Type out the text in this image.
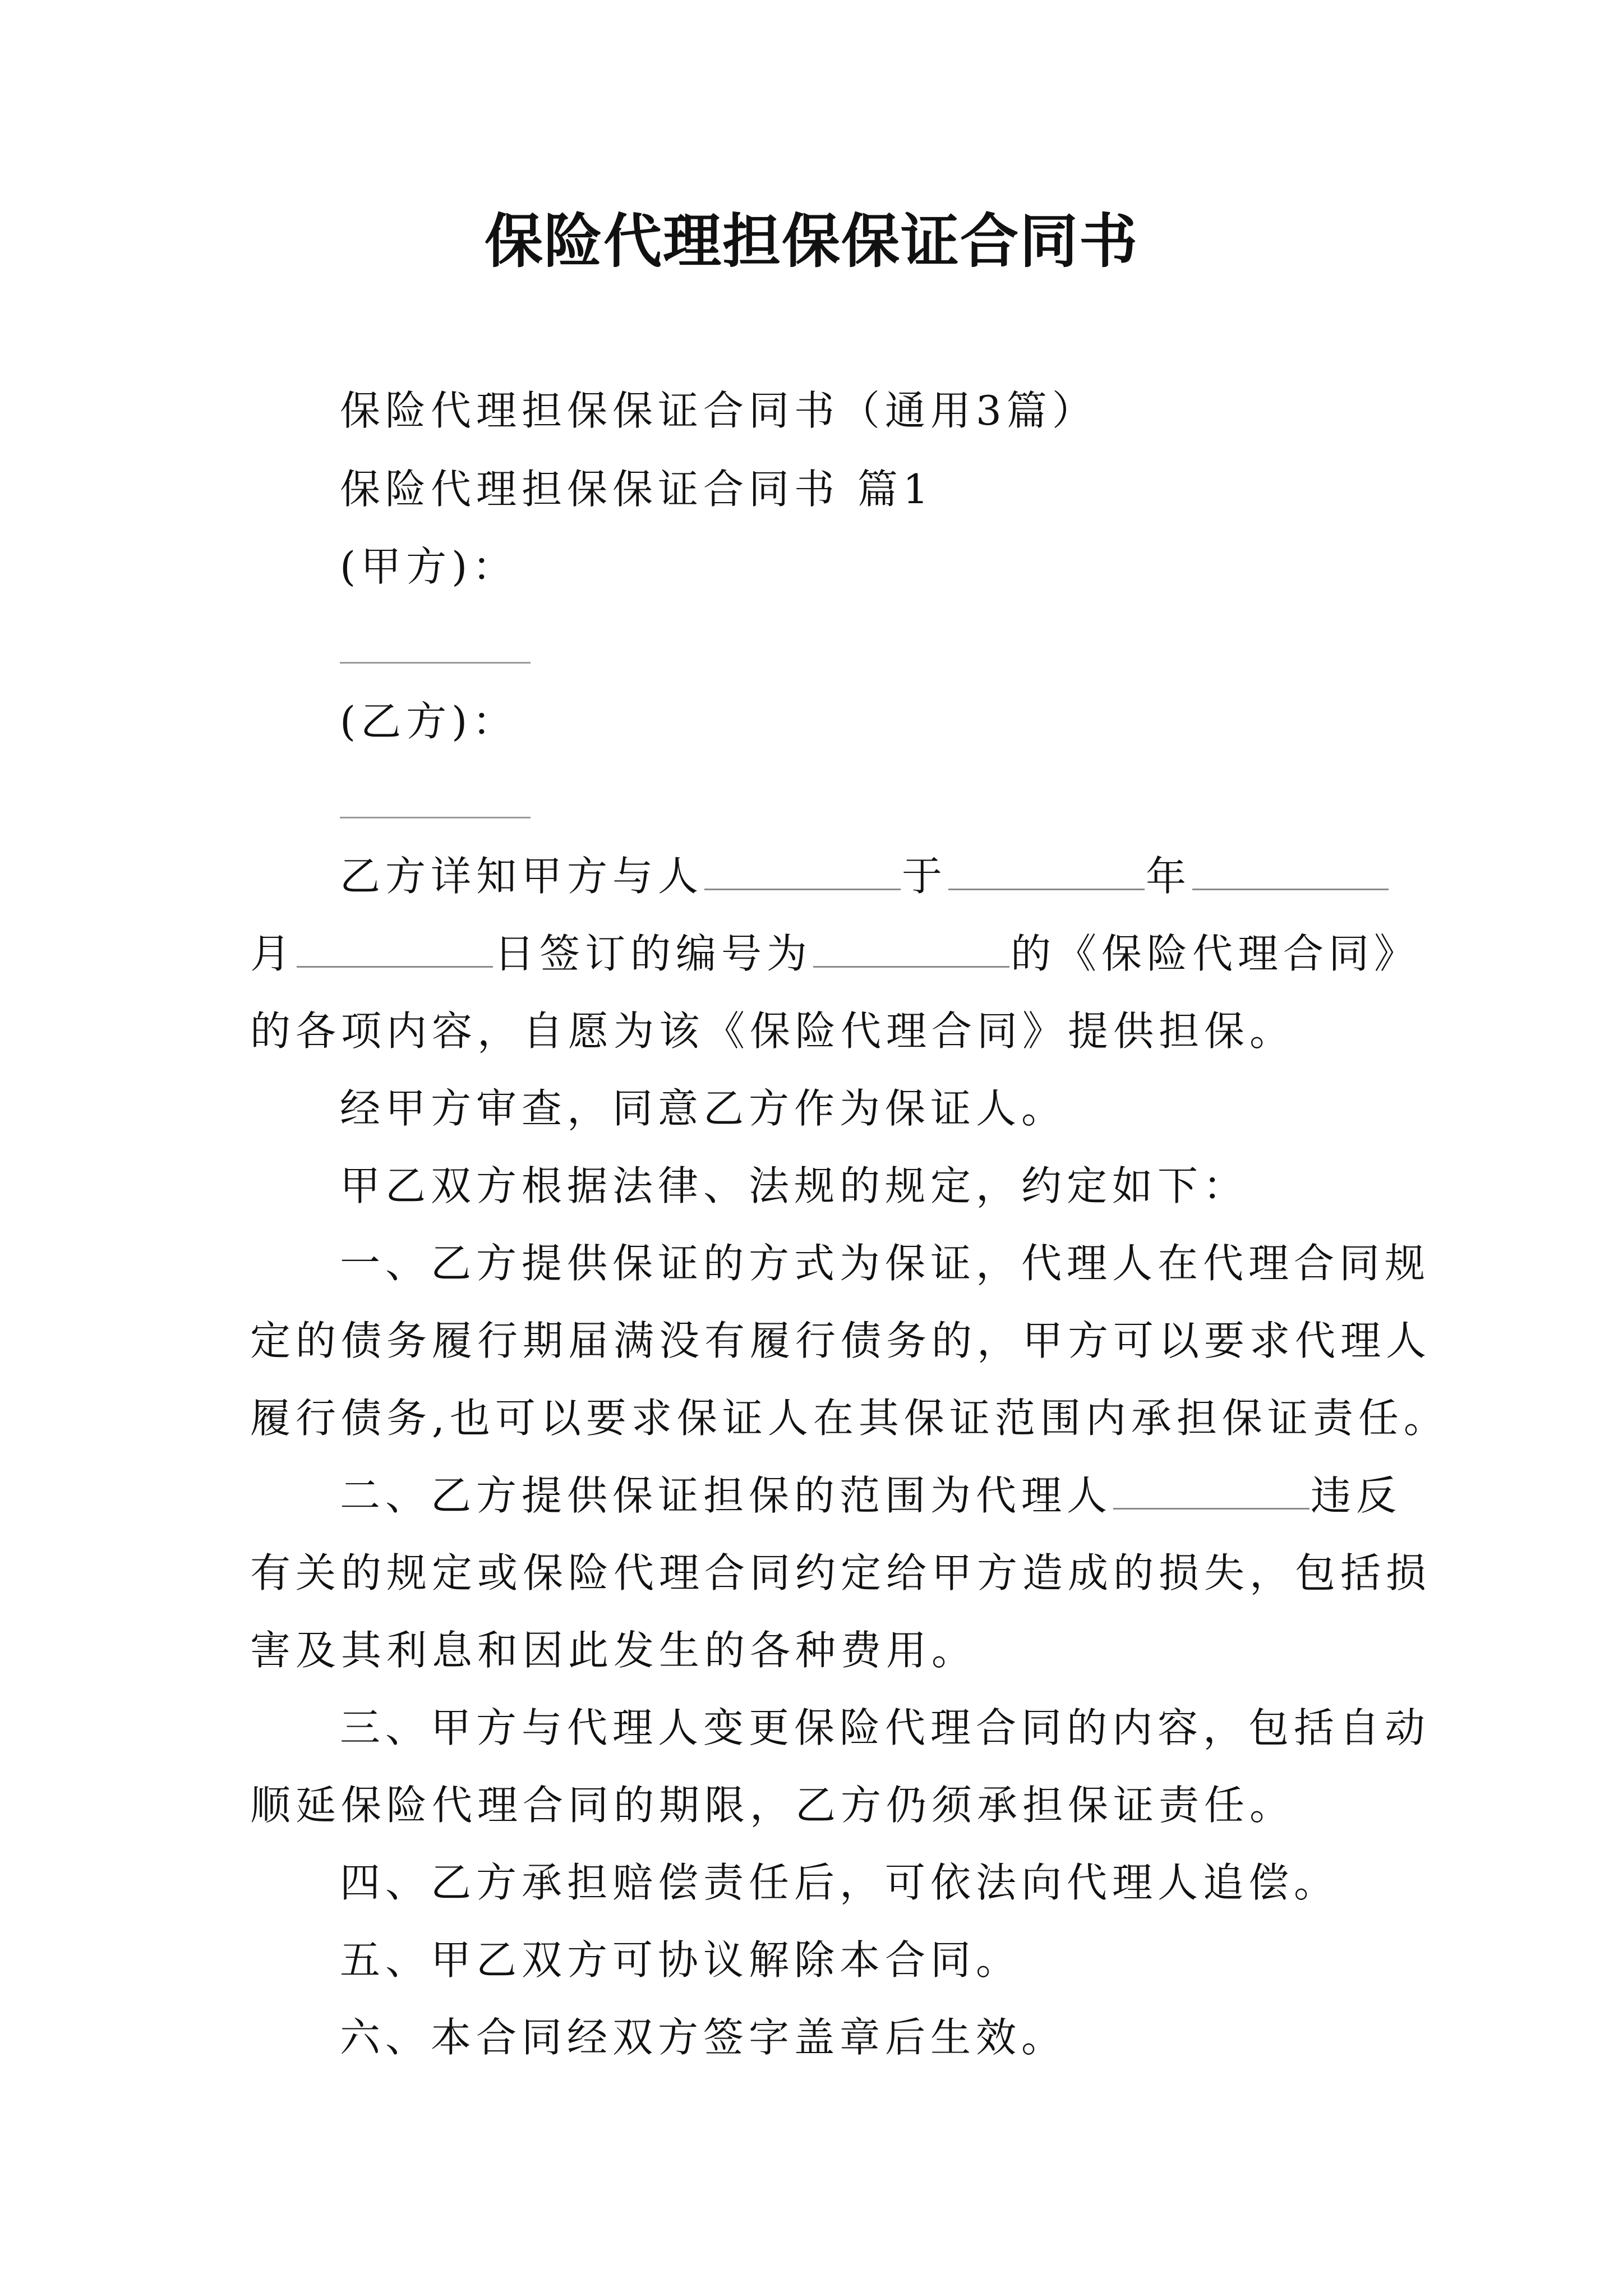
保险代理担保保证合同书
保险代理担保保证合同书（通用3篇）
保险代理担保保证合同书 篇1
(甲方)：
(乙方)：
乙方详知甲方与人	于	年
月	日签订的编号为	的《保险代理合同》
的各项内容，自愿为该《保险代理合同》提供担保。
经甲方审查，同意乙方作为保证人。
甲乙双方根据法律、法规的规定，约定如下：
一、乙方提供保证的方式为保证，代理人在代理合同规
定的债务履行期届满没有履行债务的，甲方可以要求代理人
履行债务,也可以要求保证人在其保证范围内承担保证责任。
二、乙方提供保证担保的范围为代理人	违反
有关的规定或保险代理合同约定给甲方造成的损失，包括损
害及其利息和因此发生的各种费用。
三、甲方与代理人变更保险代理合同的内容，包括自动
顺延保险代理合同的期限，乙方仍须承担保证责任。
四、乙方承担赔偿责任后，可依法向代理人追偿。
五、甲乙双方可协议解除本合同。
六、本合同经双方签字盖章后生效。
